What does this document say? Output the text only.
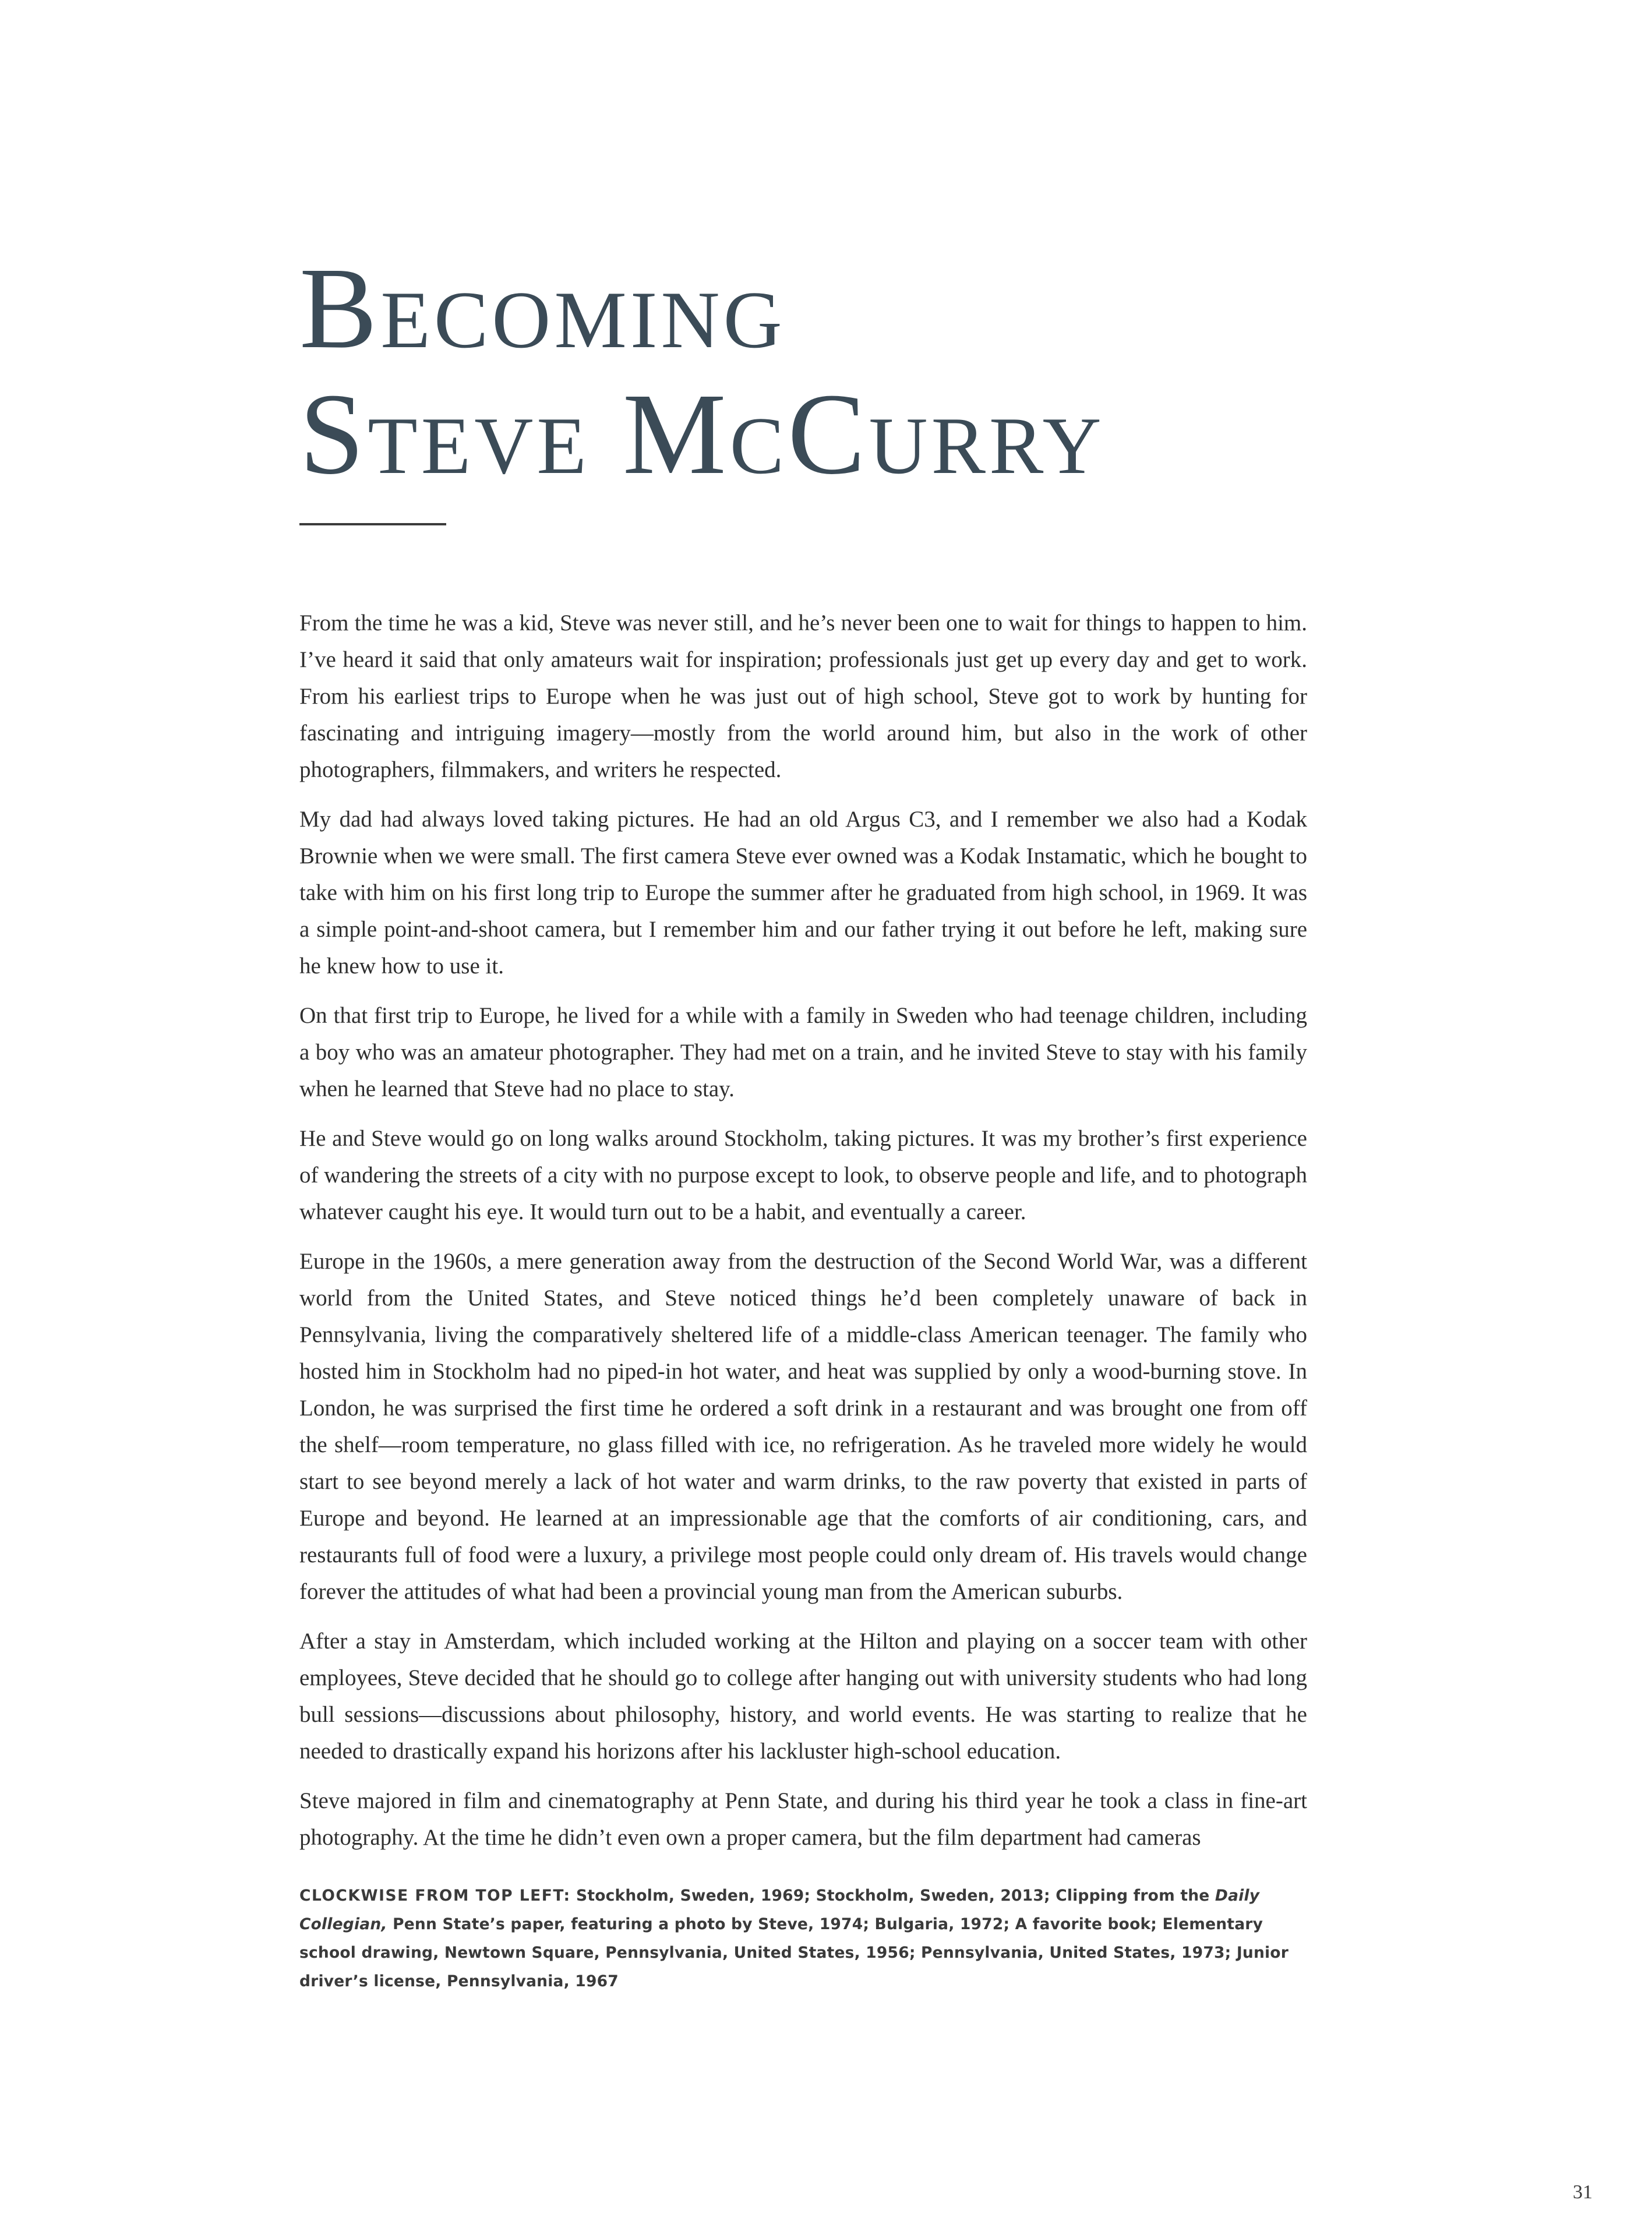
Becoming
Steve McCurry

From the time he was a kid, Steve was never still, and he’s never been one to wait for things to happen to him. I’ve heard it said that only amateurs wait for inspiration; professionals just get up every day and get to work. From his earliest trips to Europe when he was just out of high school, Steve got to work by hunting for fascinating and intriguing imagery—mostly from the world around him, but also in the work of other photographers, filmmakers, and writers he respected.

My dad had always loved taking pictures. He had an old Argus C3, and I remember we also had a Kodak Brownie when we were small. The first camera Steve ever owned was a Kodak Instamatic, which he bought to take with him on his first long trip to Europe the summer after he graduated from high school, in 1969. It was a simple point-and-shoot camera, but I remember him and our father trying it out before he left, making sure he knew how to use it.

On that first trip to Europe, he lived for a while with a family in Sweden who had teenage children, including a boy who was an amateur photographer. They had met on a train, and he invited Steve to stay with his family when he learned that Steve had no place to stay.

He and Steve would go on long walks around Stockholm, taking pictures. It was my brother’s first experience of wandering the streets of a city with no purpose except to look, to observe people and life, and to photograph whatever caught his eye. It would turn out to be a habit, and eventually a career.

Europe in the 1960s, a mere generation away from the destruction of the Second World War, was a different world from the United States, and Steve noticed things he’d been completely unaware of back in Pennsylvania, living the comparatively sheltered life of a middle-class American teenager. The family who hosted him in Stockholm had no piped-in hot water, and heat was supplied by only a wood-burning stove. In London, he was surprised the first time he ordered a soft drink in a restaurant and was brought one from off the shelf—room temperature, no glass filled with ice, no refrigeration. As he traveled more widely he would start to see beyond merely a lack of hot water and warm drinks, to the raw poverty that existed in parts of Europe and beyond. He learned at an impressionable age that the comforts of air conditioning, cars, and restaurants full of food were a luxury, a privilege most people could only dream of. His travels would change forever the attitudes of what had been a provincial young man from the American suburbs.

After a stay in Amsterdam, which included working at the Hilton and playing on a soccer team with other employees, Steve decided that he should go to college after hanging out with university students who had long bull sessions—discussions about philosophy, history, and world events. He was starting to realize that he needed to drastically expand his horizons after his lackluster high-school education.

Steve majored in film and cinematography at Penn State, and during his third year he took a class in fine-art photography. At the time he didn’t even own a proper camera, but the film department had cameras

CLOCKWISE FROM TOP LEFT: Stockholm, Sweden, 1969; Stockholm, Sweden, 2013; Clipping from the Daily Collegian, Penn State’s paper, featuring a photo by Steve, 1974; Bulgaria, 1972; A favorite book; Elementary school drawing, Newtown Square, Pennsylvania, United States, 1956; Pennsylvania, United States, 1973; Junior driver’s license, Pennsylvania, 1967
31
